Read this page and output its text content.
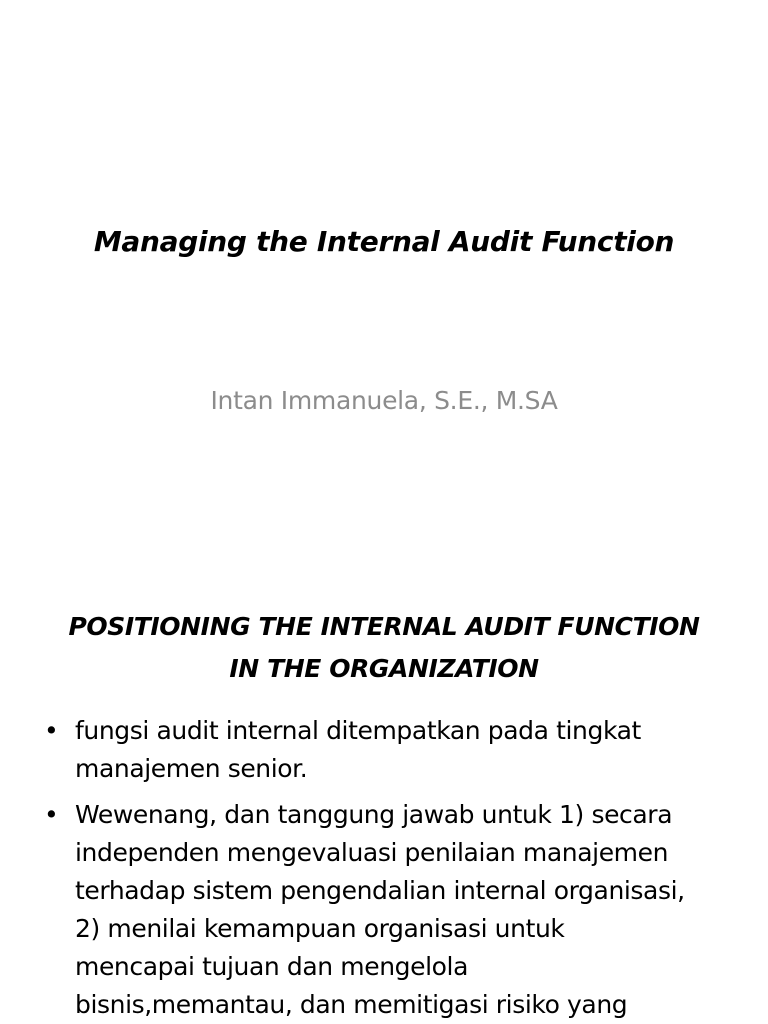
Managing the Internal Audit Function
Intan Immanuela, S.E., M.SA
POSITIONING THE INTERNAL AUDIT FUNCTION
IN THE ORGANIZATION
• fungsi audit internal ditempatkan pada tingkat
manajemen senior.
• Wewenang, dan tanggung jawab untuk 1) secara
independen mengevaluasi penilaian manajemen
terhadap sistem pengendalian internal organisasi,
2) menilai kemampuan organisasi untuk
mencapai tujuan dan mengelola
bisnis,memantau, dan memitigasi risiko yang
